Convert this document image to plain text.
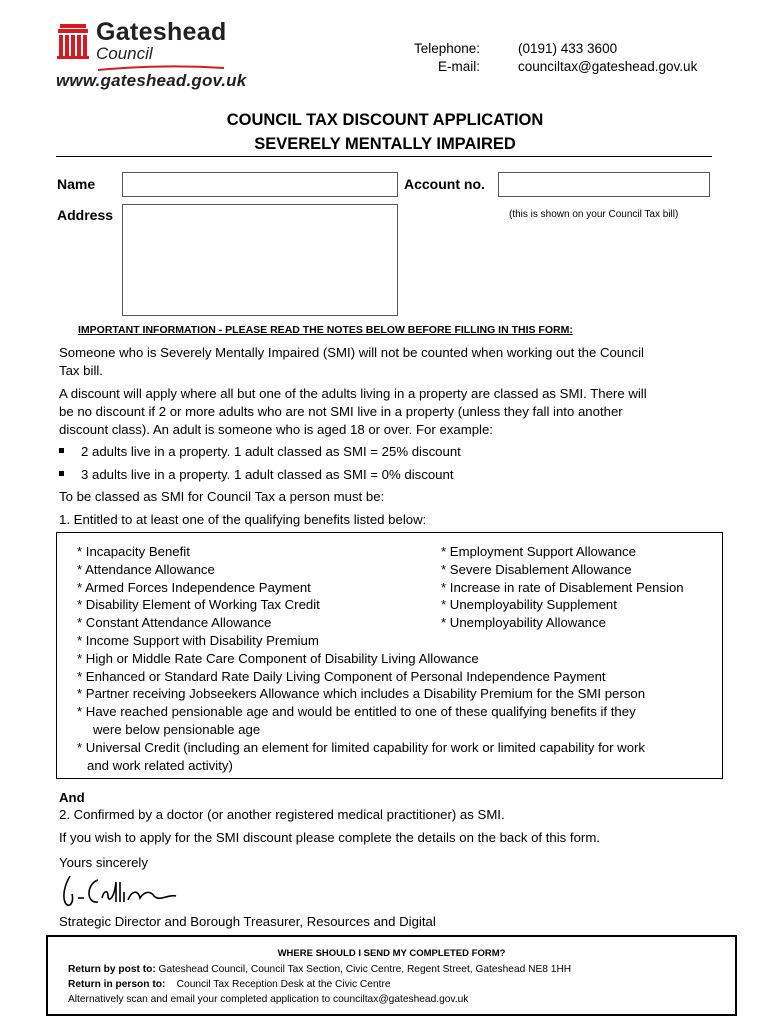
Gateshead
Council
www.gateshead.gov.uk
Telephone:	(0191) 433 3600
E-mail:	counciltax@gateshead.gov.uk
COUNCIL TAX DISCOUNT APPLICATION
SEVERELY MENTALLY IMPAIRED
Name	Account no.
Address	(this is shown on your Council Tax bill)
IMPORTANT INFORMATION - PLEASE READ THE NOTES BELOW BEFORE FILLING IN THIS FORM:
Someone who is Severely Mentally Impaired (SMI) will not be counted when working out the Council Tax bill.
A discount will apply where all but one of the adults living in a property are classed as SMI. There will be no discount if 2 or more adults who are not SMI live in a property (unless they fall into another discount class). An adult is someone who is aged 18 or over. For example:
2 adults live in a property. 1 adult classed as SMI = 25% discount
3 adults live in a property. 1 adult classed as SMI = 0% discount
To be classed as SMI for Council Tax a person must be:
1. Entitled to at least one of the qualifying benefits listed below:
* Incapacity Benefit
* Attendance Allowance
* Armed Forces Independence Payment
* Disability Element of Working Tax Credit
* Constant Attendance Allowance
* Income Support with Disability Premium
* High or Middle Rate Care Component of Disability Living Allowance
* Enhanced or Standard Rate Daily Living Component of Personal Independence Payment
* Partner receiving Jobseekers Allowance which includes a Disability Premium for the SMI person
* Have reached pensionable age and would be entitled to one of these qualifying benefits if they
were below pensionable age
* Universal Credit (including an element for limited capability for work or limited capability for work
and work related activity)
* Employment Support Allowance
* Severe Disablement Allowance
* Increase in rate of Disablement Pension
* Unemployability Supplement
* Unemployability Allowance
And
2. Confirmed by a doctor (or another registered medical practitioner) as SMI.
If you wish to apply for the SMI discount please complete the details on the back of this form.
Yours sincerely
Strategic Director and Borough Treasurer, Resources and Digital
WHERE SHOULD I SEND MY COMPLETED FORM?
Return by post to: Gateshead Council, Council Tax Section, Civic Centre, Regent Street, Gateshead NE8 1HH
Return in person to:    Council Tax Reception Desk at the Civic Centre
Alternatively scan and email your completed application to counciltax@gateshead.gov.uk
